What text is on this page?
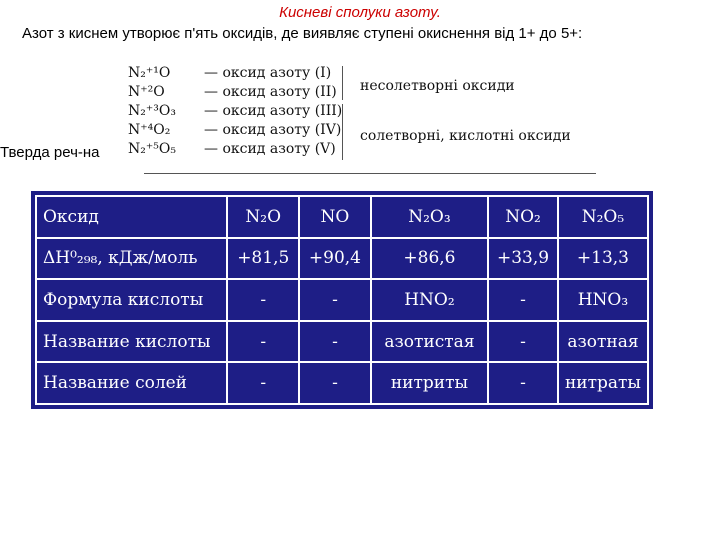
Кисневі сполуки азоту.
Азот з киснем утворює п'ять оксидів, де виявляє ступені окиснення від 1+ до 5+:
Тверда реч-на
N₂⁺¹O	— оксид азоту (I)
N⁺²O	— оксид азоту (II)
N₂⁺³O₃	— оксид азоту (III)
N⁺⁴O₂	— оксид азоту (IV)
N₂⁺⁵O₅	— оксид азоту (V)
несолетворні оксиди
солетворні, кислотні оксиди
Оксид	N₂O	NO	N₂O₃	NO₂	N₂O₅
ΔH⁰₂₉₈, кДж/моль	+81,5	+90,4	+86,6	+33,9	+13,3
Формула кислоты	-	-	HNO₂	-	HNO₃
Название кислоты	-	-	азотистая	-	азотная
Название солей	-	-	нитриты	-	нитраты
